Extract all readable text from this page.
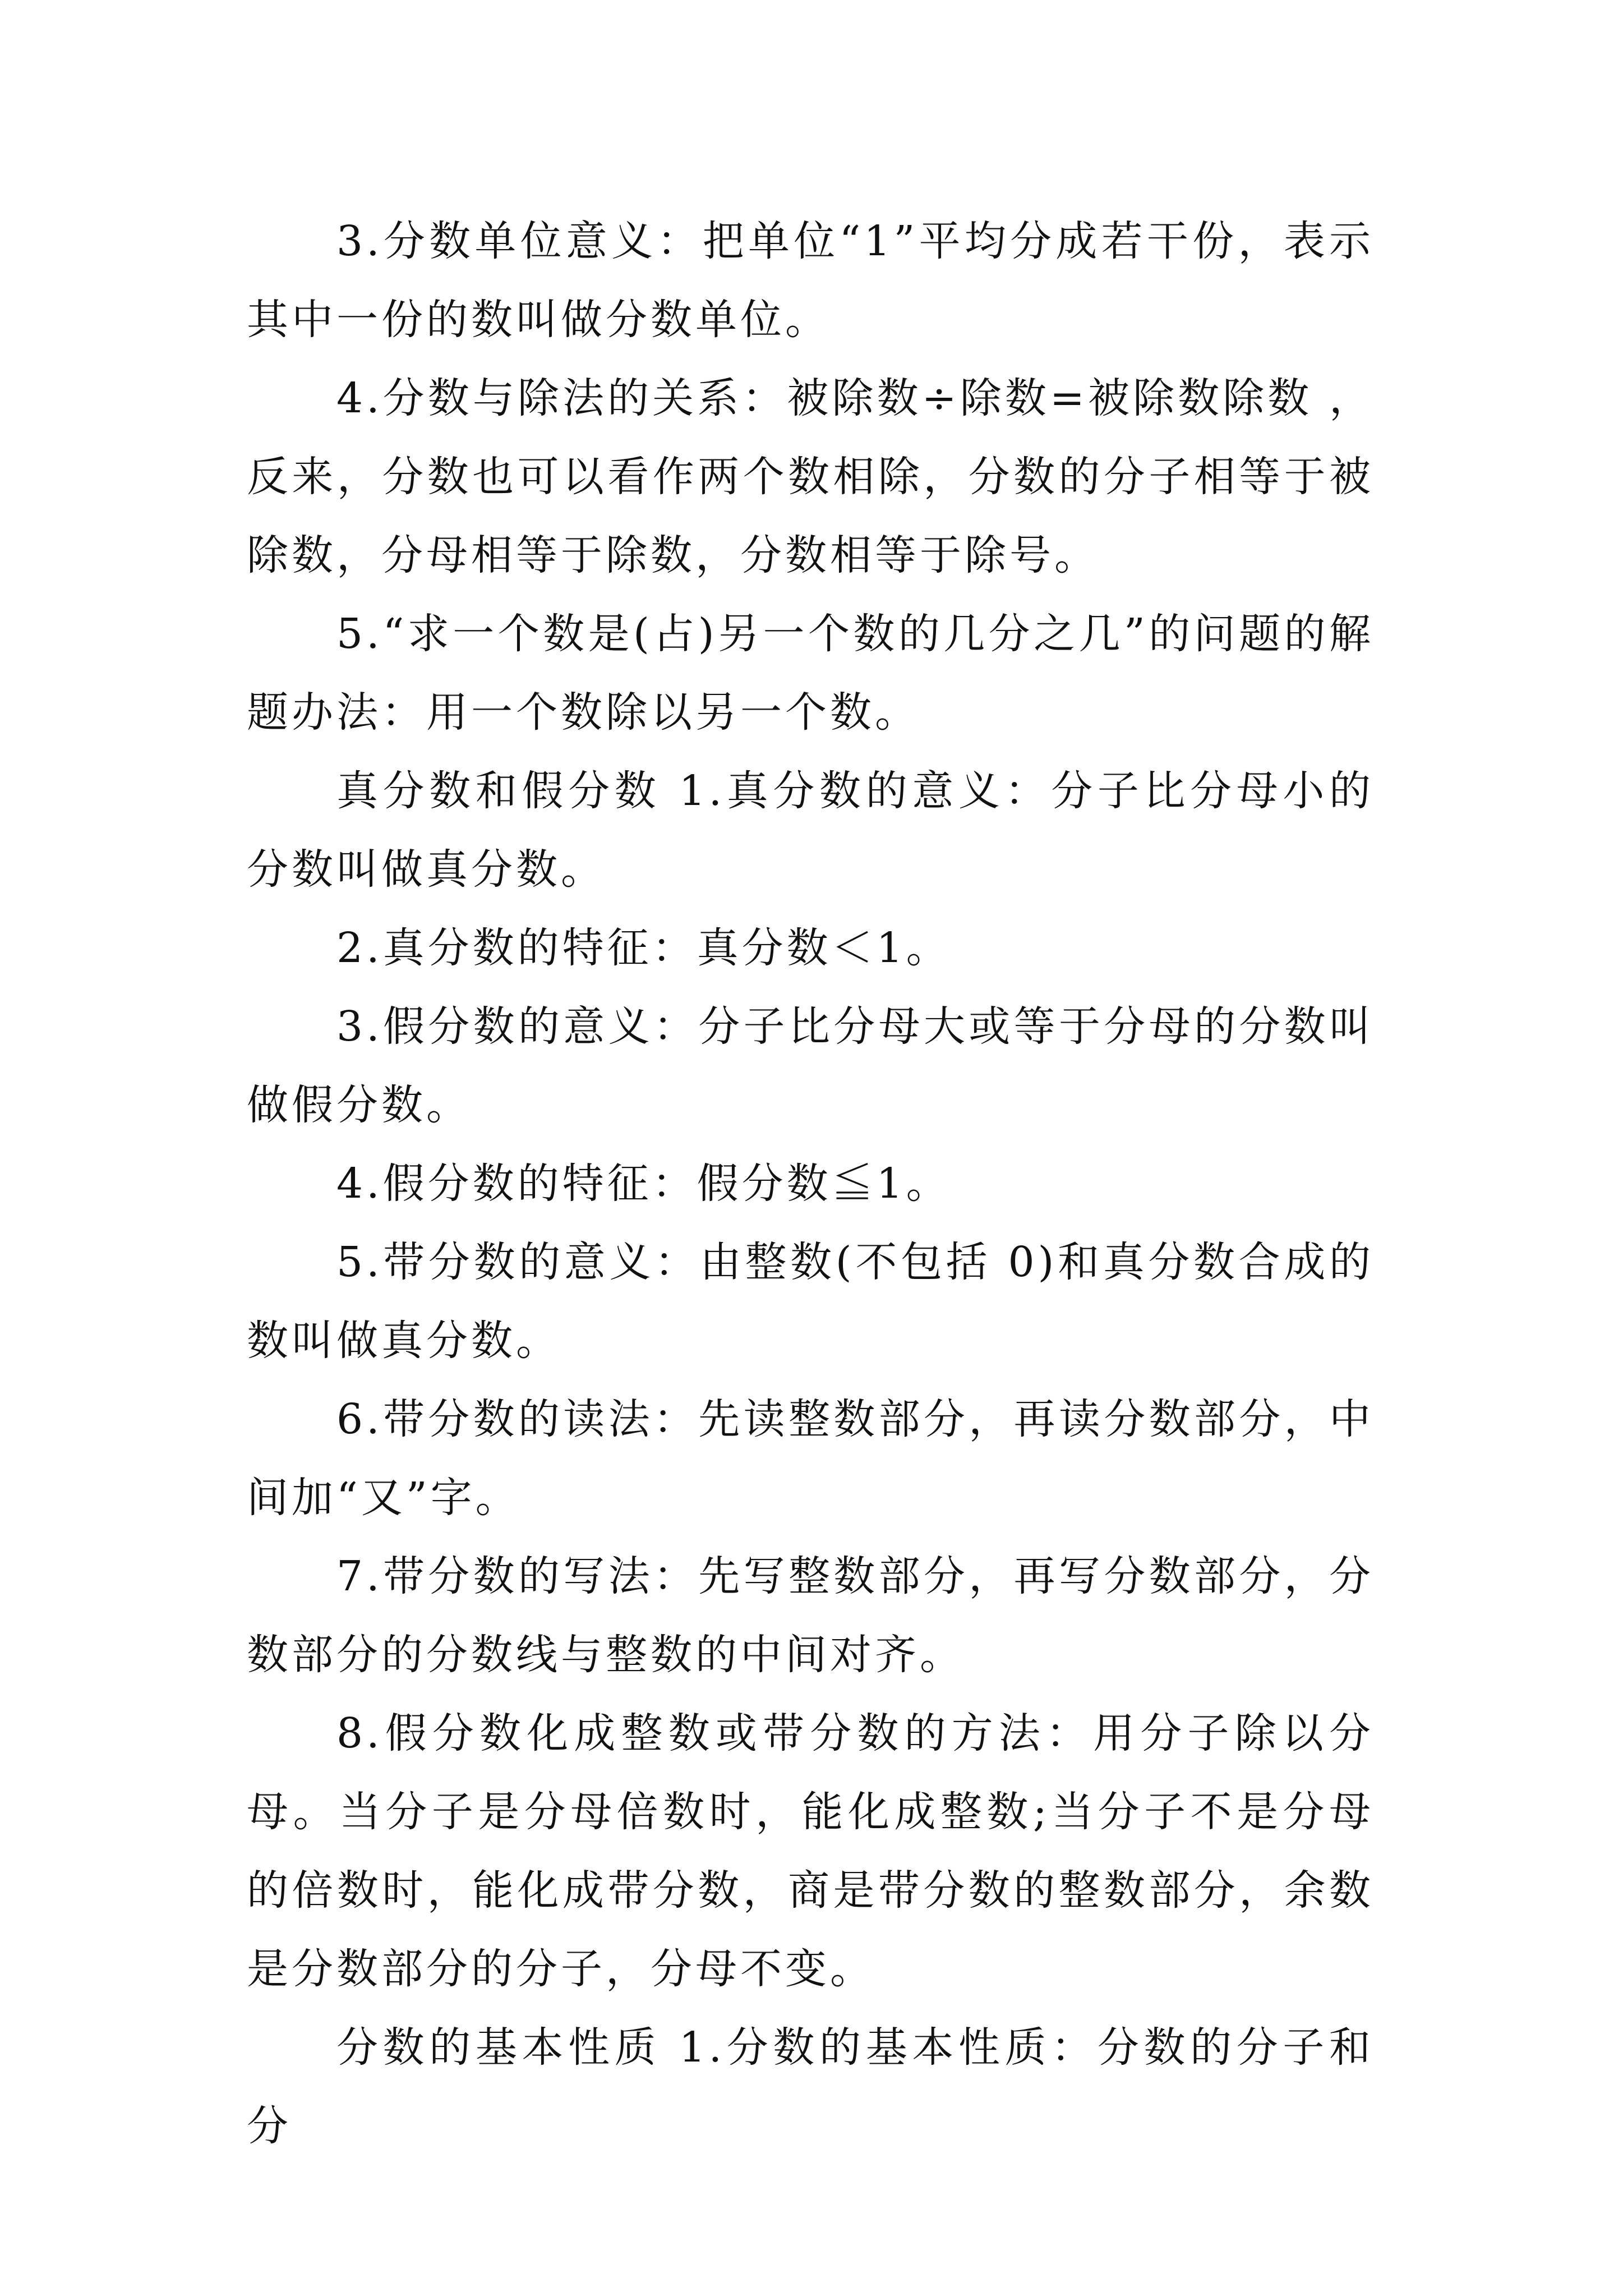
3.分数单位意义：把单位“1”平均分成若干份，表示其中一份的数叫做分数单位。

4.分数与除法的关系：被除数÷除数=被除数除数 ，反来，分数也可以看作两个数相除，分数的分子相等于被除数，分母相等于除数，分数相等于除号。

5.“求一个数是(占)另一个数的几分之几”的问题的解题办法：用一个数除以另一个数。

真分数和假分数 1.真分数的意义：分子比分母小的分数叫做真分数。

2.真分数的特征：真分数＜1。

3.假分数的意义：分子比分母大或等于分母的分数叫做假分数。

4.假分数的特征：假分数≦1。

5.带分数的意义：由整数(不包括 0)和真分数合成的数叫做真分数。

6.带分数的读法：先读整数部分，再读分数部分，中间加“又”字。

7.带分数的写法：先写整数部分，再写分数部分，分数部分的分数线与整数的中间对齐。

8.假分数化成整数或带分数的方法：用分子除以分母。当分子是分母倍数时，能化成整数;当分子不是分母的倍数时，能化成带分数，商是带分数的整数部分，余数是分数部分的分子，分母不变。

分数的基本性质 1.分数的基本性质：分数的分子和分
